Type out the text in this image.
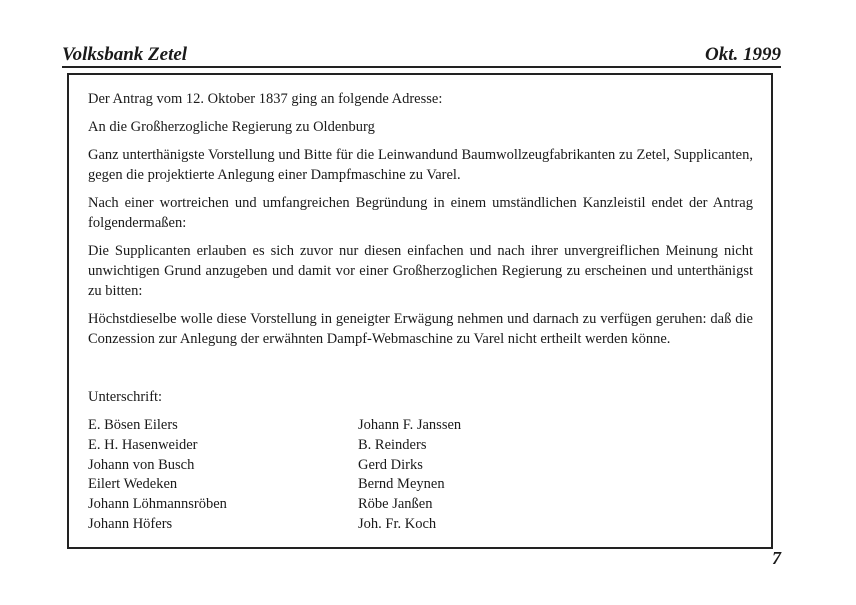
Volksbank Zetel	Okt. 1999

Der Antrag vom 12. Oktober 1837 ging an folgende Adresse:

An die Großherzogliche Regierung zu Oldenburg

Ganz unterthänigste Vorstellung und Bitte für die Leinwandund Baumwollzeugfabrikanten zu Zetel, Supplicanten, gegen die projektierte Anlegung einer Dampfmaschine zu Varel.

Nach einer wortreichen und umfangreichen Begründung in einem umständlichen Kanzleistil endet der Antrag folgendermaßen:

Die Supplicanten erlauben es sich zuvor nur diesen einfachen und nach ihrer unvergreiflichen Meinung nicht unwichtigen Grund anzugeben und damit vor einer Großherzoglichen Regierung zu erscheinen und unterthänigst zu bitten:

Höchstdieselbe wolle diese Vorstellung in geneigter Erwägung nehmen und darnach zu verfügen geruhen: daß die Conzession zur Anlegung der erwähnten Dampf-Webmaschine zu Varel nicht ertheilt werden könne.

Unterschrift:
E. Bösen Eilers	Johann F. Janssen
E. H. Hasenweider	B. Reinders
Johann von Busch	Gerd Dirks
Eilert Wedeken	Bernd Meynen
Johann Löhmannsröben	Röbe Janßen
Johann Höfers	Joh. Fr. Koch
7
